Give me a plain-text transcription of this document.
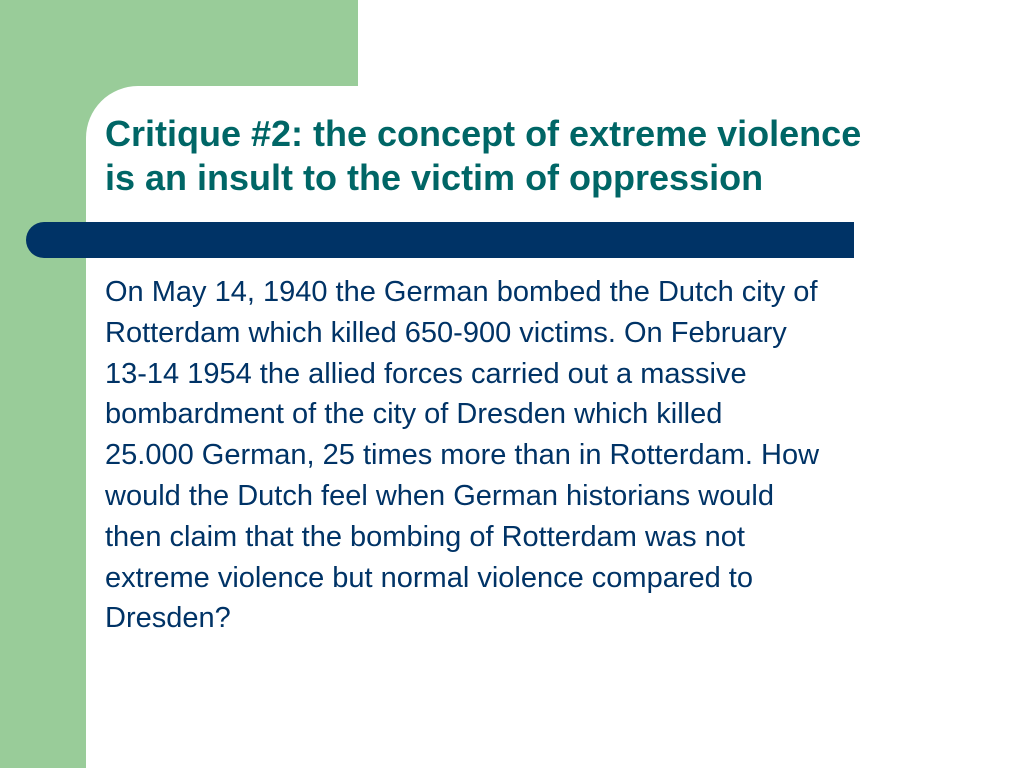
Critique #2: the concept of extreme violence
is an insult to the victim of oppression
On May 14, 1940 the German bombed the Dutch city of
Rotterdam which killed 650-900 victims. On February
13-14 1954 the allied forces carried out a massive
bombardment of the city of Dresden which killed
25.000 German, 25 times more than in Rotterdam. How
would the Dutch feel when German historians would
then claim that the bombing of Rotterdam was not
extreme violence but normal violence compared to
Dresden?
